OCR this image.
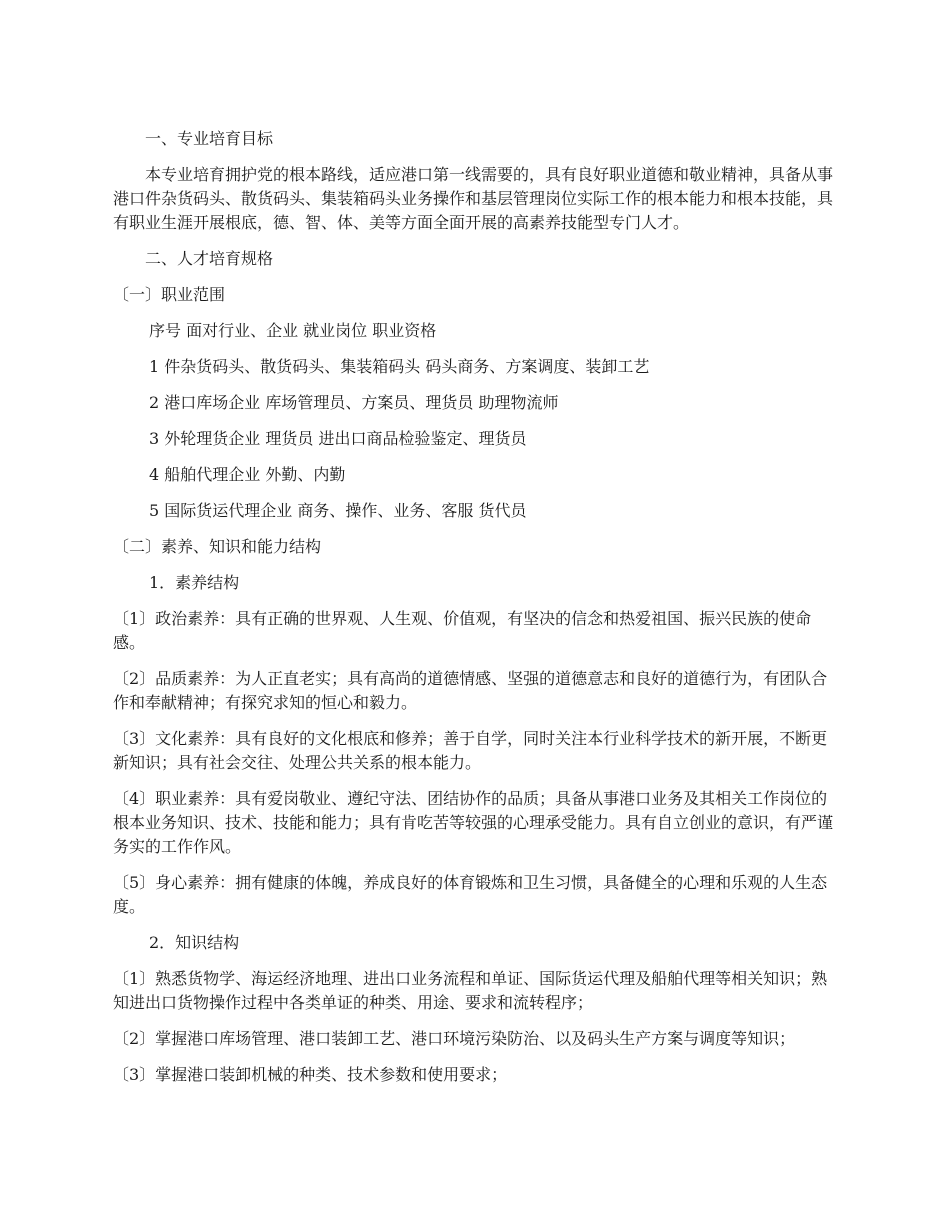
一、专业培育目标

本专业培育拥护党的根本路线，适应港口第一线需要的，具有良好职业道德和敬业精神，具备从事港口件杂货码头、散货码头、集装箱码头业务操作和基层管理岗位实际工作的根本能力和根本技能，具有职业生涯开展根底，德、智、体、美等方面全面开展的高素养技能型专门人才。

二、人才培育规格

〔一〕职业范围

序号 面对行业、企业 就业岗位 职业资格

1 件杂货码头、散货码头、集装箱码头 码头商务、方案调度、装卸工艺

2 港口库场企业 库场管理员、方案员、理货员 助理物流师

3 外轮理货企业 理货员 进出口商品检验鉴定、理货员

4 船舶代理企业 外勤、内勤

5 国际货运代理企业 商务、操作、业务、客服 货代员

〔二〕素养、知识和能力结构

1．素养结构

〔1〕政治素养：具有正确的世界观、人生观、价值观，有坚决的信念和热爱祖国、振兴民族的使命感。

〔2〕品质素养：为人正直老实；具有高尚的道德情感、坚强的道德意志和良好的道德行为，有团队合作和奉献精神；有探究求知的恒心和毅力。

〔3〕文化素养：具有良好的文化根底和修养；善于自学，同时关注本行业科学技术的新开展，不断更新知识；具有社会交往、处理公共关系的根本能力。

〔4〕职业素养：具有爱岗敬业、遵纪守法、团结协作的品质；具备从事港口业务及其相关工作岗位的根本业务知识、技术、技能和能力；具有肯吃苦等较强的心理承受能力。具有自立创业的意识，有严谨务实的工作作风。

〔5〕身心素养：拥有健康的体魄，养成良好的体育锻炼和卫生习惯，具备健全的心理和乐观的人生态度。

2．知识结构

〔1〕熟悉货物学、海运经济地理、进出口业务流程和单证、国际货运代理及船舶代理等相关知识；熟知进出口货物操作过程中各类单证的种类、用途、要求和流转程序；

〔2〕掌握港口库场管理、港口装卸工艺、港口环境污染防治、以及码头生产方案与调度等知识；

〔3〕掌握港口装卸机械的种类、技术参数和使用要求；
